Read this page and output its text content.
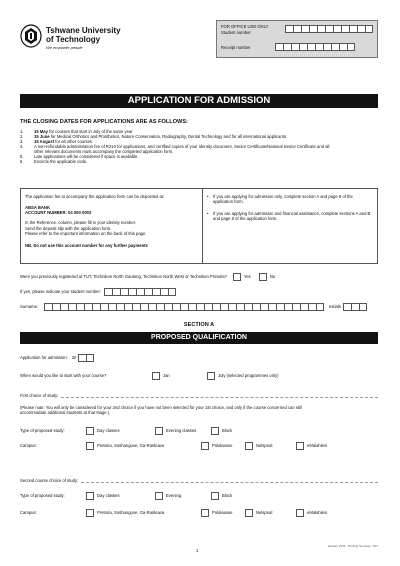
Tshwane University
of Technology
We empower people
FOR OFFICE USE ONLY
Student number
Receipt number
APPLICATION FOR ADMISSION
THE CLOSING DATES FOR APPLICATIONS ARE AS FOLLOWS:
1.	15 May for courses that start in July of the same year
2.	15 June for Medical Orthotics and Prosthetics, Nature Conservation, Radiography, Dental Technology and for all international applicants.
3.	15 August for all other courses.
4.	A non-refundable administration fee of R210 for applications, and certified copies of your identity document, Senior Certificate/National Senior Certificate and all other relevant documents must accompany the completed application form.
5.	Late applications will be considered if space is available.
6.	Encircle the applicable code.
The application fee to accompany the application form can be deposited at:
ABSA BANK
ACCOUNT NUMBER: 04 000 0003
In the Reference. column, please fill in your identity number.
Send the deposit slip with the application form.
Please refer to the important information on the back of this page.
NB. Do not use this account number for any further payments
•	If you are applying for admission only, complete section A and page 8 of the application form.
•	If you are applying for admission and financial assistance, complete sections A and B and page 8 of the application form.
Were you previously registered at TUT, Technikon North Gauteng, Technikon North West or Technikon Pretoria?	Yes	No
If yes, please indicate your student number:
Surname:	Initials
SECTION A
PROPOSED QUALIFICATION
Application for admission: 20
When would you like to start with your course?	Jan	July (selected programmes only)
First choice of study:
(Please note: You will only be considered for your 2nd choice if you have not been selected for your 1st choice, and only if the course concerned can still
accommodate additional students at that stage.)
Type of proposed study:	Day classes	Evening classes	Block
Campus:	Pretoria, Soshanguve, Ga-Rankuwa	Polokwane	Nelspruit	eMalahleni
Second course choice of study:
Type of proposed study:	Day classes	Evening	Block
Campus:	Pretoria, Soshanguve, Ga-Rankuwa	Polokwane	Nelspruit	eMalahleni
1
January 2011 - Printing Services, TUT
